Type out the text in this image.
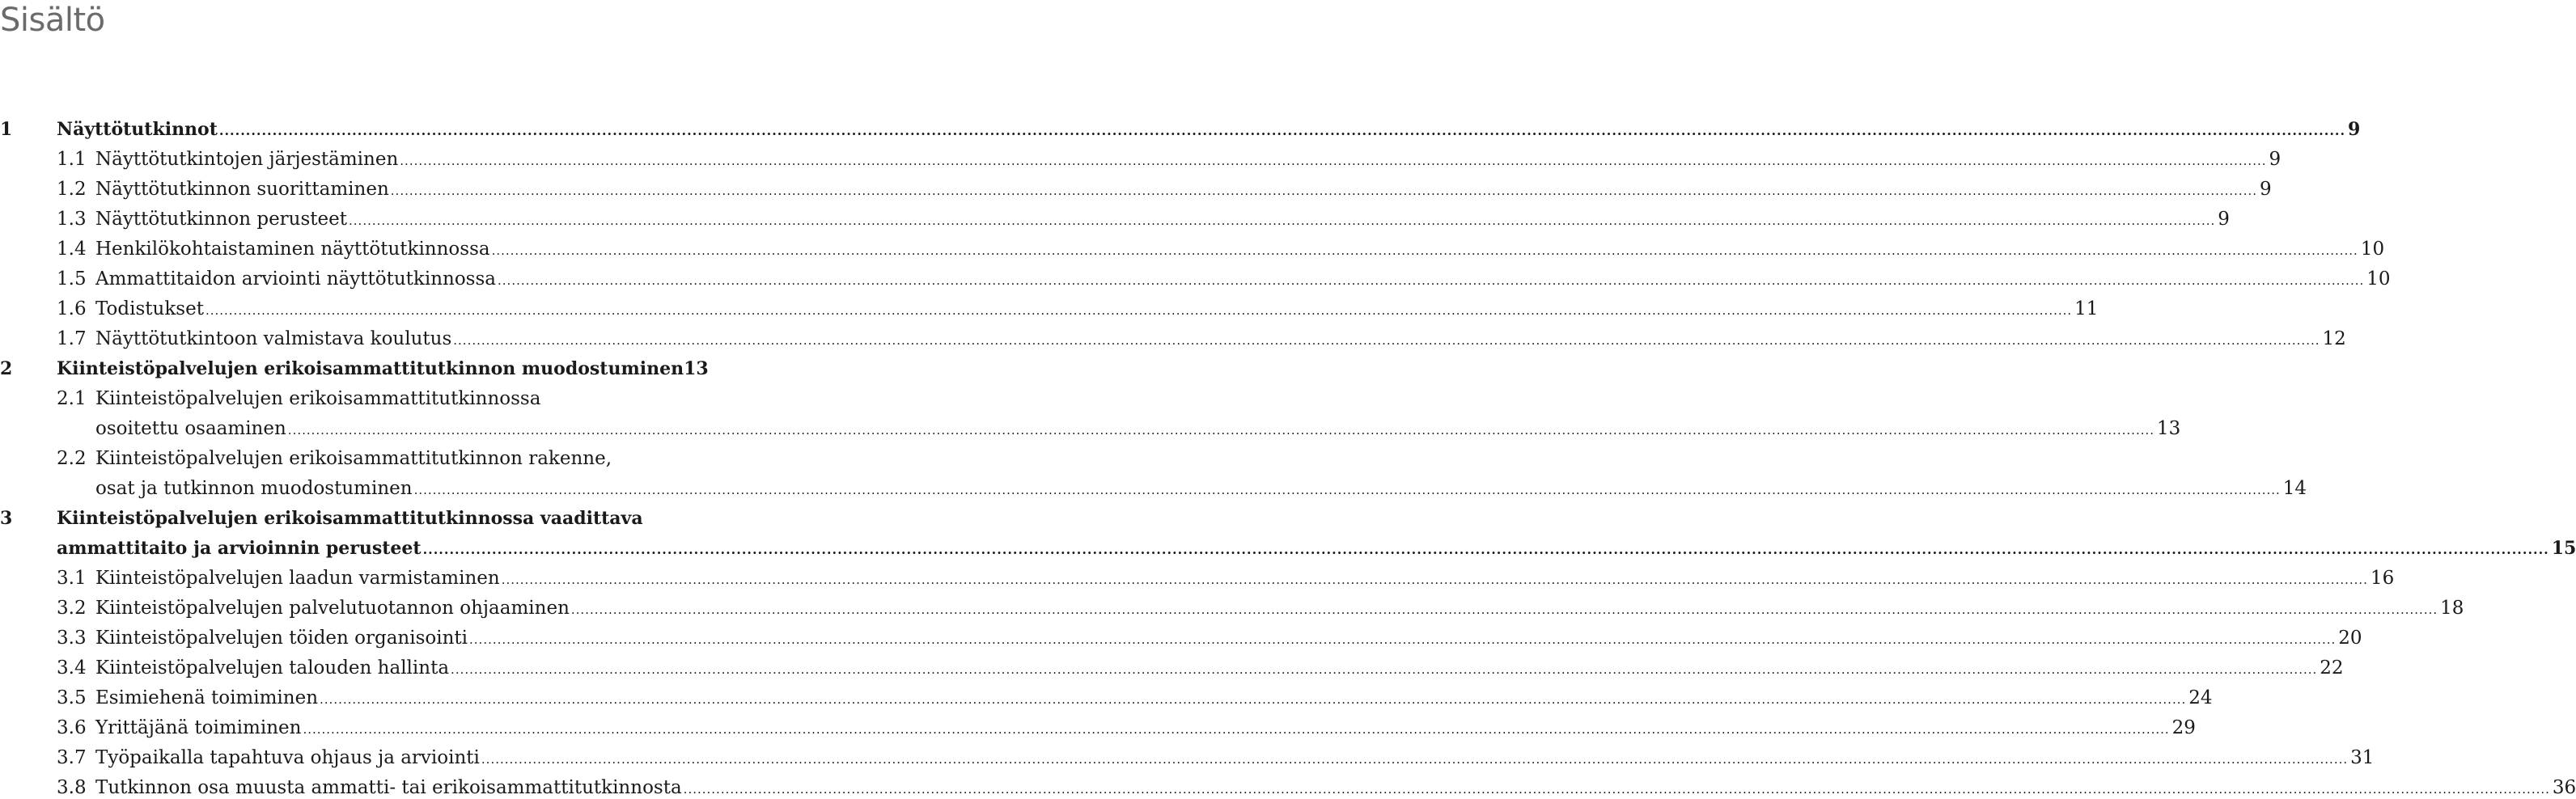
Sisältö
1	Näyttötutkinnot .....	9
1.1 Näyttötutkintojen järjestäminen .....	9
1.2 Näyttötutkinnon suorittaminen .....	9
1.3 Näyttötutkinnon perusteet .....	9
1.4 Henkilökohtaistaminen näyttötutkinnossa .....	10
1.5 Ammattitaidon arviointi näyttötutkinnossa .....	10
1.6 Todistukset .....	11
1.7 Näyttötutkintoon valmistava koulutus .....	12
2	Kiinteistöpalvelujen erikoisammattitutkinnon muodostuminen 13
2.1 Kiinteistöpalvelujen erikoisammattitutkinnossa
osoitettu osaaminen .....	13
2.2 Kiinteistöpalvelujen erikoisammattitutkinnon rakenne,
osat ja tutkinnon muodostuminen .....	14
3	Kiinteistöpalvelujen erikoisammattitutkinnossa vaadittava
ammattitaito ja arvioinnin perusteet .....	15
3.1 Kiinteistöpalvelujen laadun varmistaminen .....	16
3.2 Kiinteistöpalvelujen palvelutuotannon ohjaaminen .....	18
3.3 Kiinteistöpalvelujen töiden organisointi .....	20
3.4 Kiinteistöpalvelujen talouden hallinta .....	22
3.5 Esimiehenä toimiminen .....	24
3.6 Yrittäjänä toimiminen .....	29
3.7 Työpaikalla tapahtuva ohjaus ja arviointi .....	31
3.8 Tutkinnon osa muusta ammatti- tai erikoisammattitutkinnosta .....	36
